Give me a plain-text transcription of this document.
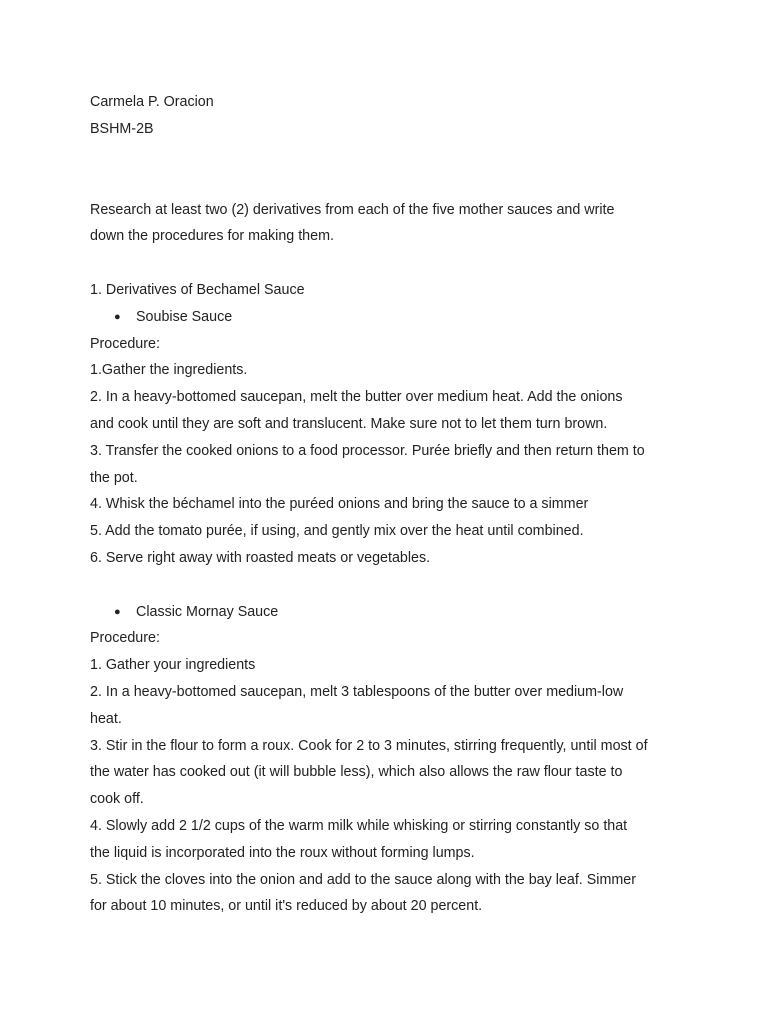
Carmela P. Oracion
BSHM-2B
Research at least two (2) derivatives from each of the five mother sauces and write
down the procedures for making them.
1. Derivatives of Bechamel Sauce
● Soubise Sauce
Procedure:
1.Gather the ingredients.
2. In a heavy-bottomed saucepan, melt the butter over medium heat. Add the onions
and cook until they are soft and translucent. Make sure not to let them turn brown.
3. Transfer the cooked onions to a food processor. Purée briefly and then return them to
the pot.
4. Whisk the béchamel into the puréed onions and bring the sauce to a simmer
5. Add the tomato purée, if using, and gently mix over the heat until combined.
6. Serve right away with roasted meats or vegetables.
● Classic Mornay Sauce
Procedure:
1. Gather your ingredients
2. In a heavy-bottomed saucepan, melt 3 tablespoons of the butter over medium-low
heat.
3. Stir in the flour to form a roux. Cook for 2 to 3 minutes, stirring frequently, until most of
the water has cooked out (it will bubble less), which also allows the raw flour taste to
cook off.
4. Slowly add 2 1/2 cups of the warm milk while whisking or stirring constantly so that
the liquid is incorporated into the roux without forming lumps.
5. Stick the cloves into the onion and add to the sauce along with the bay leaf. Simmer
for about 10 minutes, or until it's reduced by about 20 percent.
